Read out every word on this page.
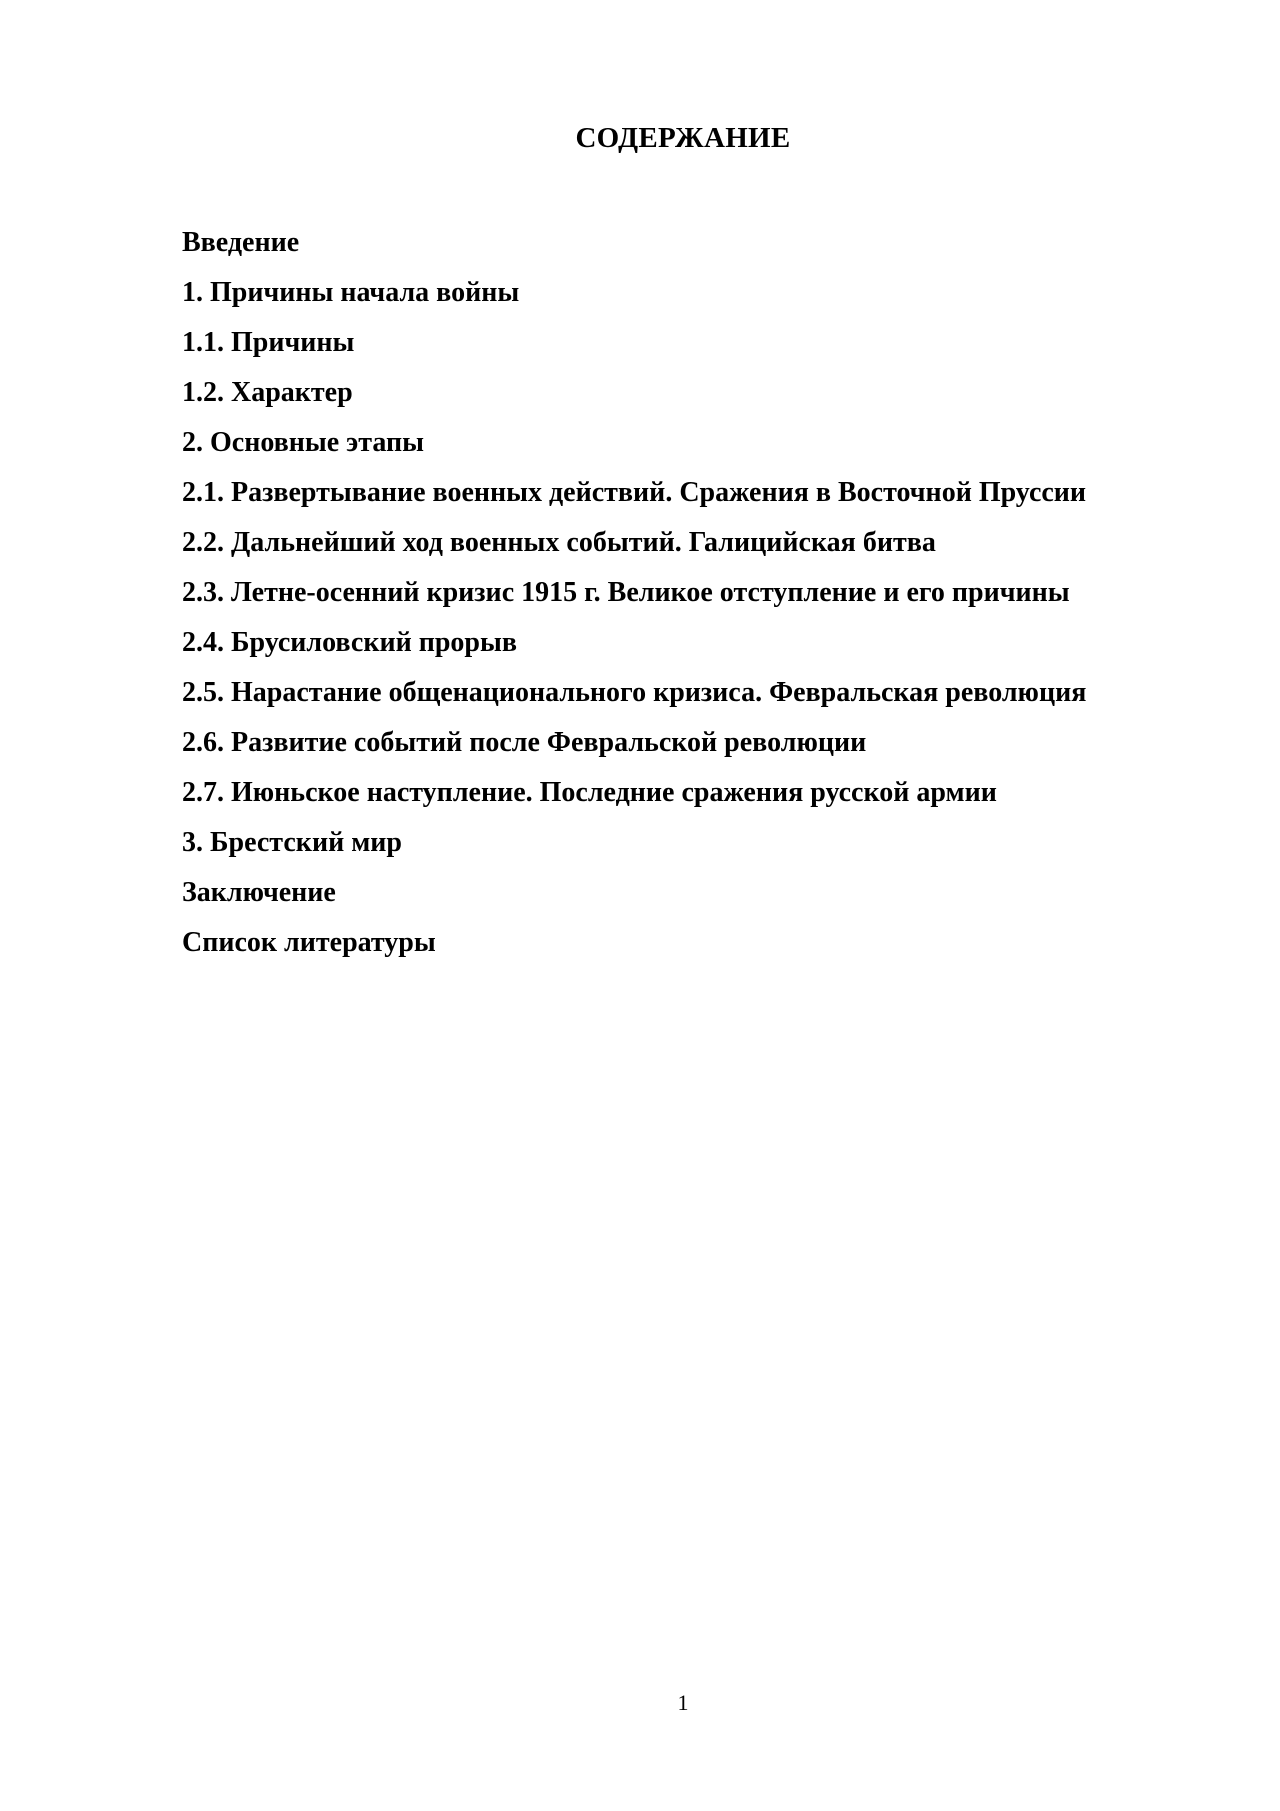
СОДЕРЖАНИЕ
Введение
1. Причины начала войны
1.1. Причины
1.2. Характер
2. Основные этапы
2.1. Развертывание военных действий. Сражения в Восточной Пруссии
2.2. Дальнейший ход военных событий. Галицийская битва
2.3. Летне-осенний кризис 1915 г. Великое отступление и его причины
2.4. Брусиловский прорыв
2.5. Нарастание общенационального кризиса. Февральская революция
2.6. Развитие событий после Февральской революции
2.7. Июньское наступление. Последние сражения русской армии
3. Брестский мир
Заключение
Список литературы
1
